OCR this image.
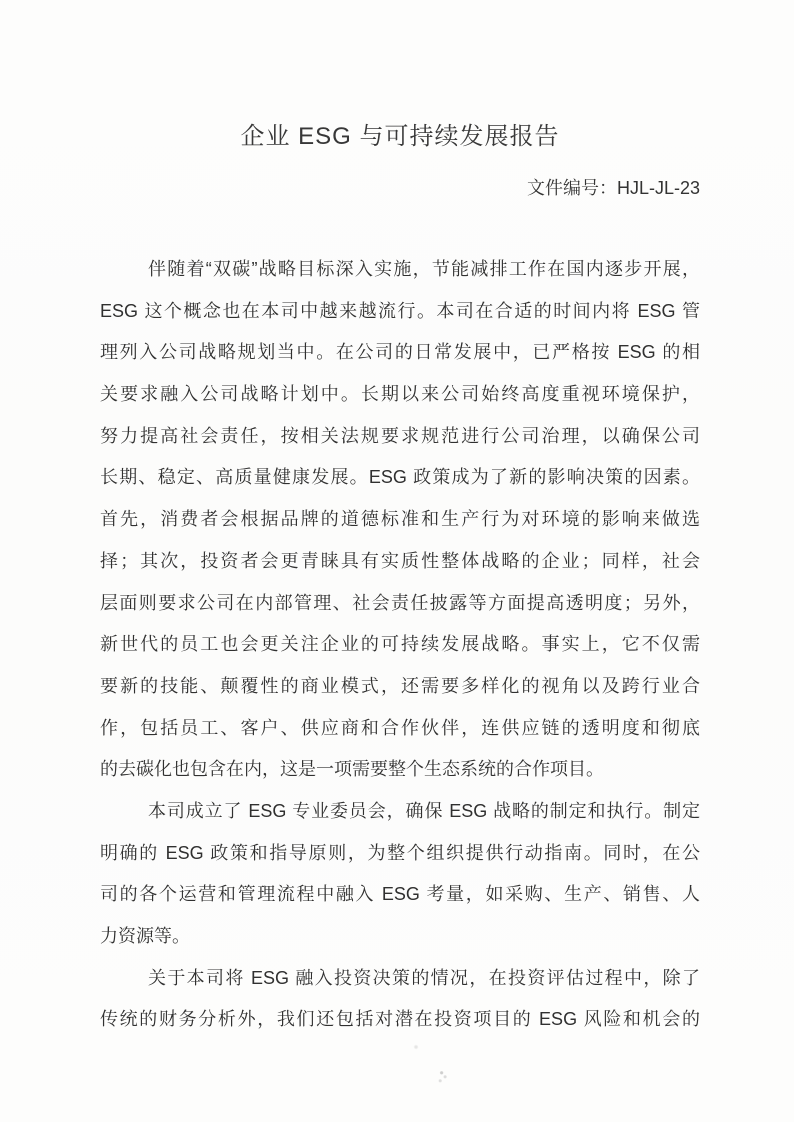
企业 ESG 与可持续发展报告
文件编号：HJL-JL-23
伴随着“双碳”战略目标深入实施，节能减排工作在国内逐步开展，
ESG 这个概念也在本司中越来越流行。本司在合适的时间内将 ESG 管
理列入公司战略规划当中。在公司的日常发展中，已严格按 ESG 的相
关要求融入公司战略计划中。长期以来公司始终高度重视环境保护，
努力提高社会责任，按相关法规要求规范进行公司治理，以确保公司
长期、稳定、高质量健康发展。ESG 政策成为了新的影响决策的因素。
首先，消费者会根据品牌的道德标准和生产行为对环境的影响来做选
择；其次，投资者会更青睐具有实质性整体战略的企业；同样，社会
层面则要求公司在内部管理、社会责任披露等方面提高透明度；另外，
新世代的员工也会更关注企业的可持续发展战略。事实上，它不仅需
要新的技能、颠覆性的商业模式，还需要多样化的视角以及跨行业合
作，包括员工、客户、供应商和合作伙伴，连供应链的透明度和彻底
的去碳化也包含在内，这是一项需要整个生态系统的合作项目。
本司成立了 ESG 专业委员会，确保 ESG 战略的制定和执行。制定
明确的 ESG 政策和指导原则，为整个组织提供行动指南。同时，在公
司的各个运营和管理流程中融入 ESG 考量，如采购、生产、销售、人
力资源等。
关于本司将 ESG 融入投资决策的情况，在投资评估过程中，除了
传统的财务分析外，我们还包括对潜在投资项目的 ESG 风险和机会的
